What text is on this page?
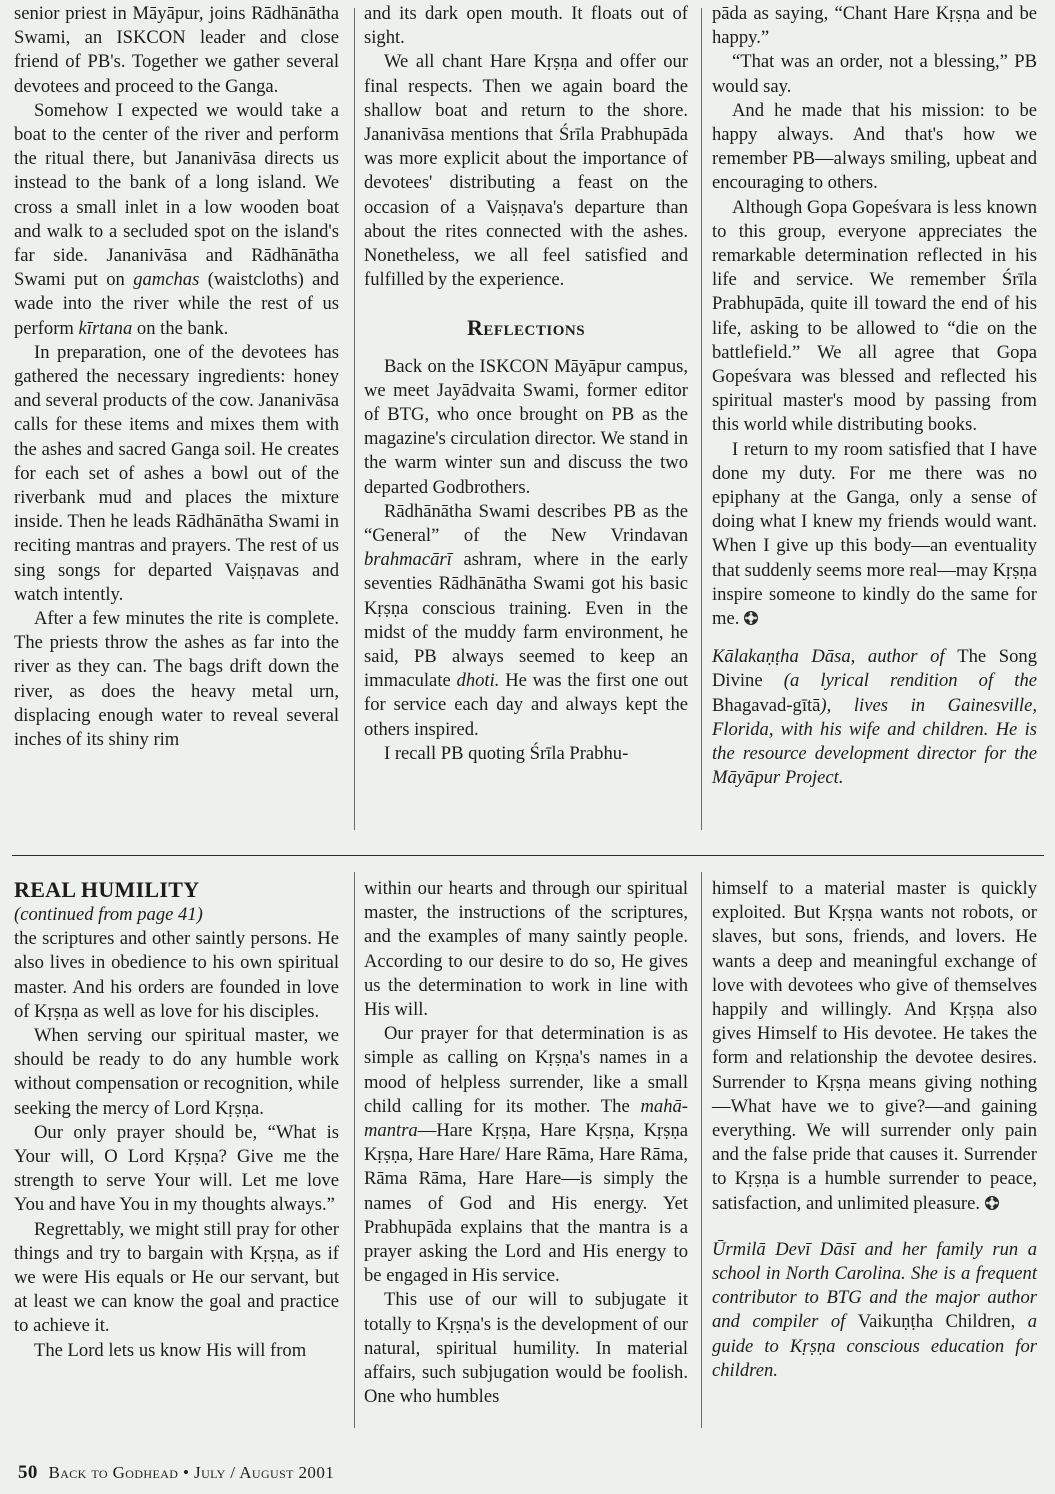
senior priest in Māyāpur, joins Rādhānātha Swami, an ISKCON leader and close friend of PB's. Together we gather several devotees and proceed to the Ganga.

Somehow I expected we would take a boat to the center of the river and perform the ritual there, but Jananivāsa directs us instead to the bank of a long island. We cross a small inlet in a low wooden boat and walk to a secluded spot on the island's far side. Jananivāsa and Rādhānātha Swami put on gamchas (waistcloths) and wade into the river while the rest of us perform kīrtana on the bank.

In preparation, one of the devotees has gathered the necessary ingredients: honey and several products of the cow. Jananivāsa calls for these items and mixes them with the ashes and sacred Ganga soil. He creates for each set of ashes a bowl out of the riverbank mud and places the mixture inside. Then he leads Rādhānātha Swami in reciting mantras and prayers. The rest of us sing songs for departed Vaiṣṇavas and watch intently.

After a few minutes the rite is complete. The priests throw the ashes as far into the river as they can. The bags drift down the river, as does the heavy metal urn, displacing enough water to reveal several inches of its shiny rim

and its dark open mouth. It floats out of sight.

We all chant Hare Kṛṣṇa and offer our final respects. Then we again board the shallow boat and return to the shore. Jananivāsa mentions that Śrīla Prabhupāda was more explicit about the importance of devotees' distributing a feast on the occasion of a Vaiṣṇava's departure than about the rites connected with the ashes. Nonetheless, we all feel satisfied and fulfilled by the experience.

Reflections

Back on the ISKCON Māyāpur campus, we meet Jayādvaita Swami, former editor of BTG, who once brought on PB as the magazine's circulation director. We stand in the warm winter sun and discuss the two departed Godbrothers.

Rādhānātha Swami describes PB as the “General” of the New Vrindavan brahmacārī ashram, where in the early seventies Rādhānātha Swami got his basic Kṛṣṇa conscious training. Even in the midst of the muddy farm environment, he said, PB always seemed to keep an immaculate dhoti. He was the first one out for service each day and always kept the others inspired.

I recall PB quoting Śrīla Prabhu-

pāda as saying, “Chant Hare Kṛṣṇa and be happy.”

“That was an order, not a blessing,” PB would say.

And he made that his mission: to be happy always. And that's how we remember PB—always smiling, upbeat and encouraging to others.

Although Gopa Gopeśvara is less known to this group, everyone appreciates the remarkable determination reflected in his life and service. We remember Śrīla Prabhupāda, quite ill toward the end of his life, asking to be allowed to “die on the battlefield.” We all agree that Gopa Gopeśvara was blessed and reflected his spiritual master's mood by passing from this world while distributing books.

I return to my room satisfied that I have done my duty. For me there was no epiphany at the Ganga, only a sense of doing what I knew my friends would want. When I give up this body—an eventuality that suddenly seems more real—may Kṛṣṇa inspire someone to kindly do the same for me.

Kālakaṇṭha Dāsa, author of The Song Divine (a lyrical rendition of the Bhagavad-gītā), lives in Gainesville, Florida, with his wife and children. He is the resource development director for the Māyāpur Project.

REAL HUMILITY

(continued from page 41)

the scriptures and other saintly persons. He also lives in obedience to his own spiritual master. And his orders are founded in love of Kṛṣṇa as well as love for his disciples.

When serving our spiritual master, we should be ready to do any humble work without compensation or recognition, while seeking the mercy of Lord Kṛṣṇa.

Our only prayer should be, “What is Your will, O Lord Kṛṣṇa? Give me the strength to serve Your will. Let me love You and have You in my thoughts always.”

Regrettably, we might still pray for other things and try to bargain with Kṛṣṇa, as if we were His equals or He our servant, but at least we can know the goal and practice to achieve it.

The Lord lets us know His will from

within our hearts and through our spiritual master, the instructions of the scriptures, and the examples of many saintly people. According to our desire to do so, He gives us the determination to work in line with His will.

Our prayer for that determination is as simple as calling on Kṛṣṇa's names in a mood of helpless surrender, like a small child calling for its mother. The mahā-mantra—Hare Kṛṣṇa, Hare Kṛṣṇa, Kṛṣṇa Kṛṣṇa, Hare Hare/ Hare Rāma, Hare Rāma, Rāma Rāma, Hare Hare—is simply the names of God and His energy. Yet Prabhupāda explains that the mantra is a prayer asking the Lord and His energy to be engaged in His service.

This use of our will to subjugate it totally to Kṛṣṇa's is the development of our natural, spiritual humility. In material affairs, such subjugation would be foolish. One who humbles

himself to a material master is quickly exploited. But Kṛṣṇa wants not robots, or slaves, but sons, friends, and lovers. He wants a deep and meaningful exchange of love with devotees who give of themselves happily and willingly. And Kṛṣṇa also gives Himself to His devotee. He takes the form and relationship the devotee desires. Surrender to Kṛṣṇa means giving nothing—What have we to give?—and gaining everything. We will surrender only pain and the false pride that causes it. Surrender to Kṛṣṇa is a humble surrender to peace, satisfaction, and unlimited pleasure.

Ūrmilā Devī Dāsī and her family run a school in North Carolina. She is a frequent contributor to BTG and the major author and compiler of Vaikuṇṭha Children, a guide to Kṛṣṇa conscious education for children.

50 Back to Godhead • July / August 2001
